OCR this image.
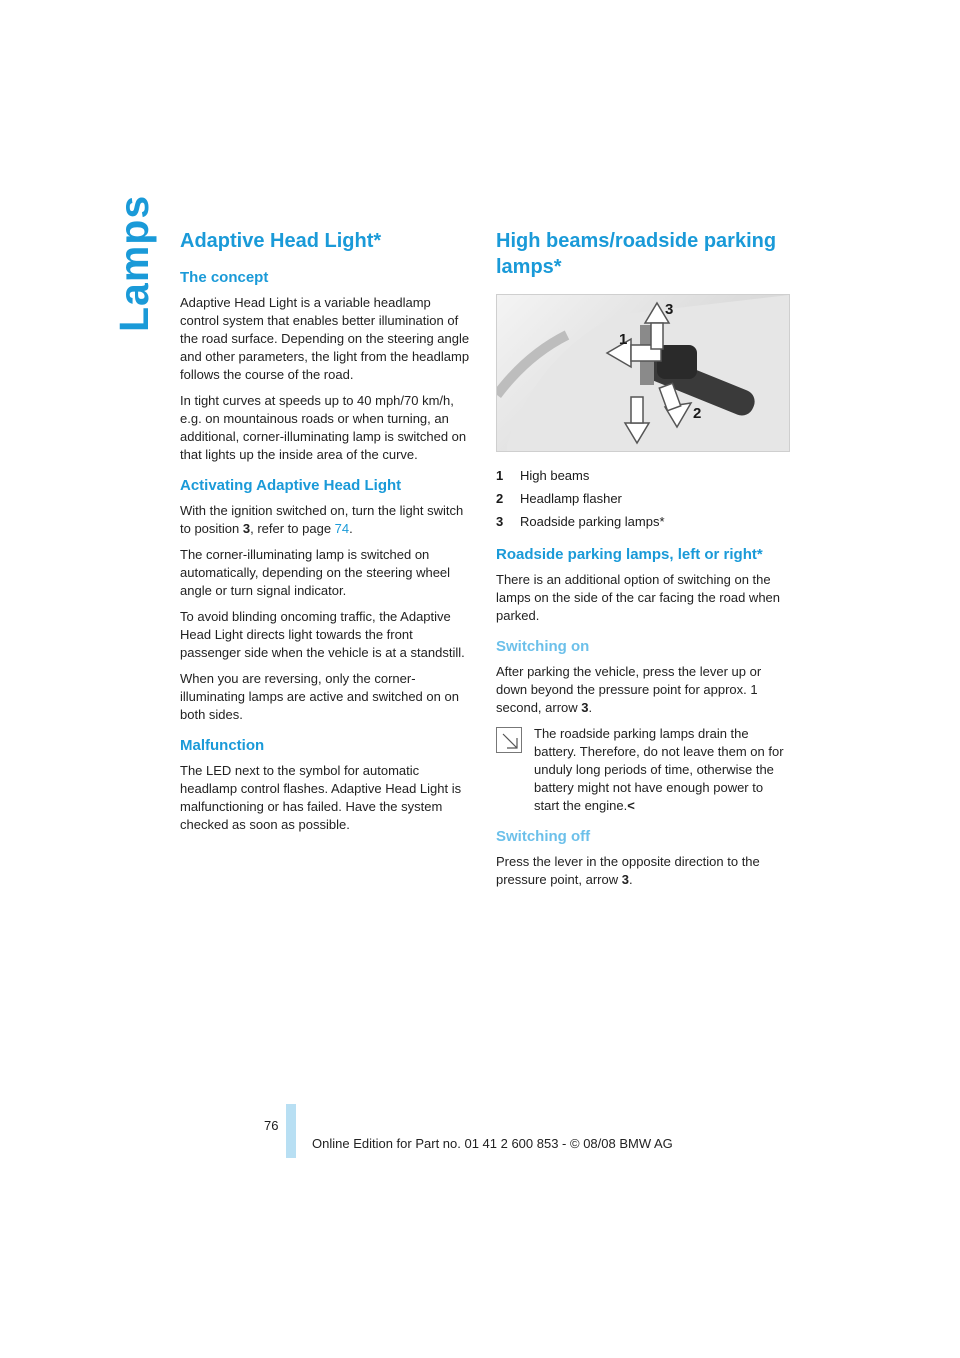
Lamps Adaptive Head Light*
The concept

Adaptive Head Light is a variable headlamp control system that enables better illumination of the road surface. Depending on the steering angle and other parameters, the light from the headlamp follows the course of the road.

In tight curves at speeds up to 40 mph/70 km/h, e.g. on mountainous roads or when turning, an additional, corner-illuminating lamp is switched on that lights up the inside area of the curve.

Activating Adaptive Head Light

With the ignition switched on, turn the light switch to position 3, refer to page 74.

The corner-illuminating lamp is switched on automatically, depending on the steering wheel angle or turn signal indicator.

To avoid blinding oncoming traffic, the Adaptive Head Light directs light towards the front passenger side when the vehicle is at a standstill.

When you are reversing, only the corner-illuminating lamps are active and switched on on both sides.

Malfunction

The LED next to the symbol for automatic headlamp control flashes. Adaptive Head Light is malfunctioning or has failed. Have the system checked as soon as possible.

High beams/roadside parking lamps*
1
2
3
1	High beams
2	Headlamp flasher
3	Roadside parking lamps*
Roadside parking lamps, left or right*

There is an additional option of switching on the lamps on the side of the car facing the road when parked.

Switching on

After parking the vehicle, press the lever up or down beyond the pressure point for approx. 1 second, arrow 3.

The roadside parking lamps drain the battery. Therefore, do not leave them on for unduly long periods of time, otherwise the battery might not have enough power to start the engine.<

Switching off

Press the lever in the opposite direction to the pressure point, arrow 3.

76
Online Edition for Part no. 01 41 2 600 853 - © 08/08 BMW AG
